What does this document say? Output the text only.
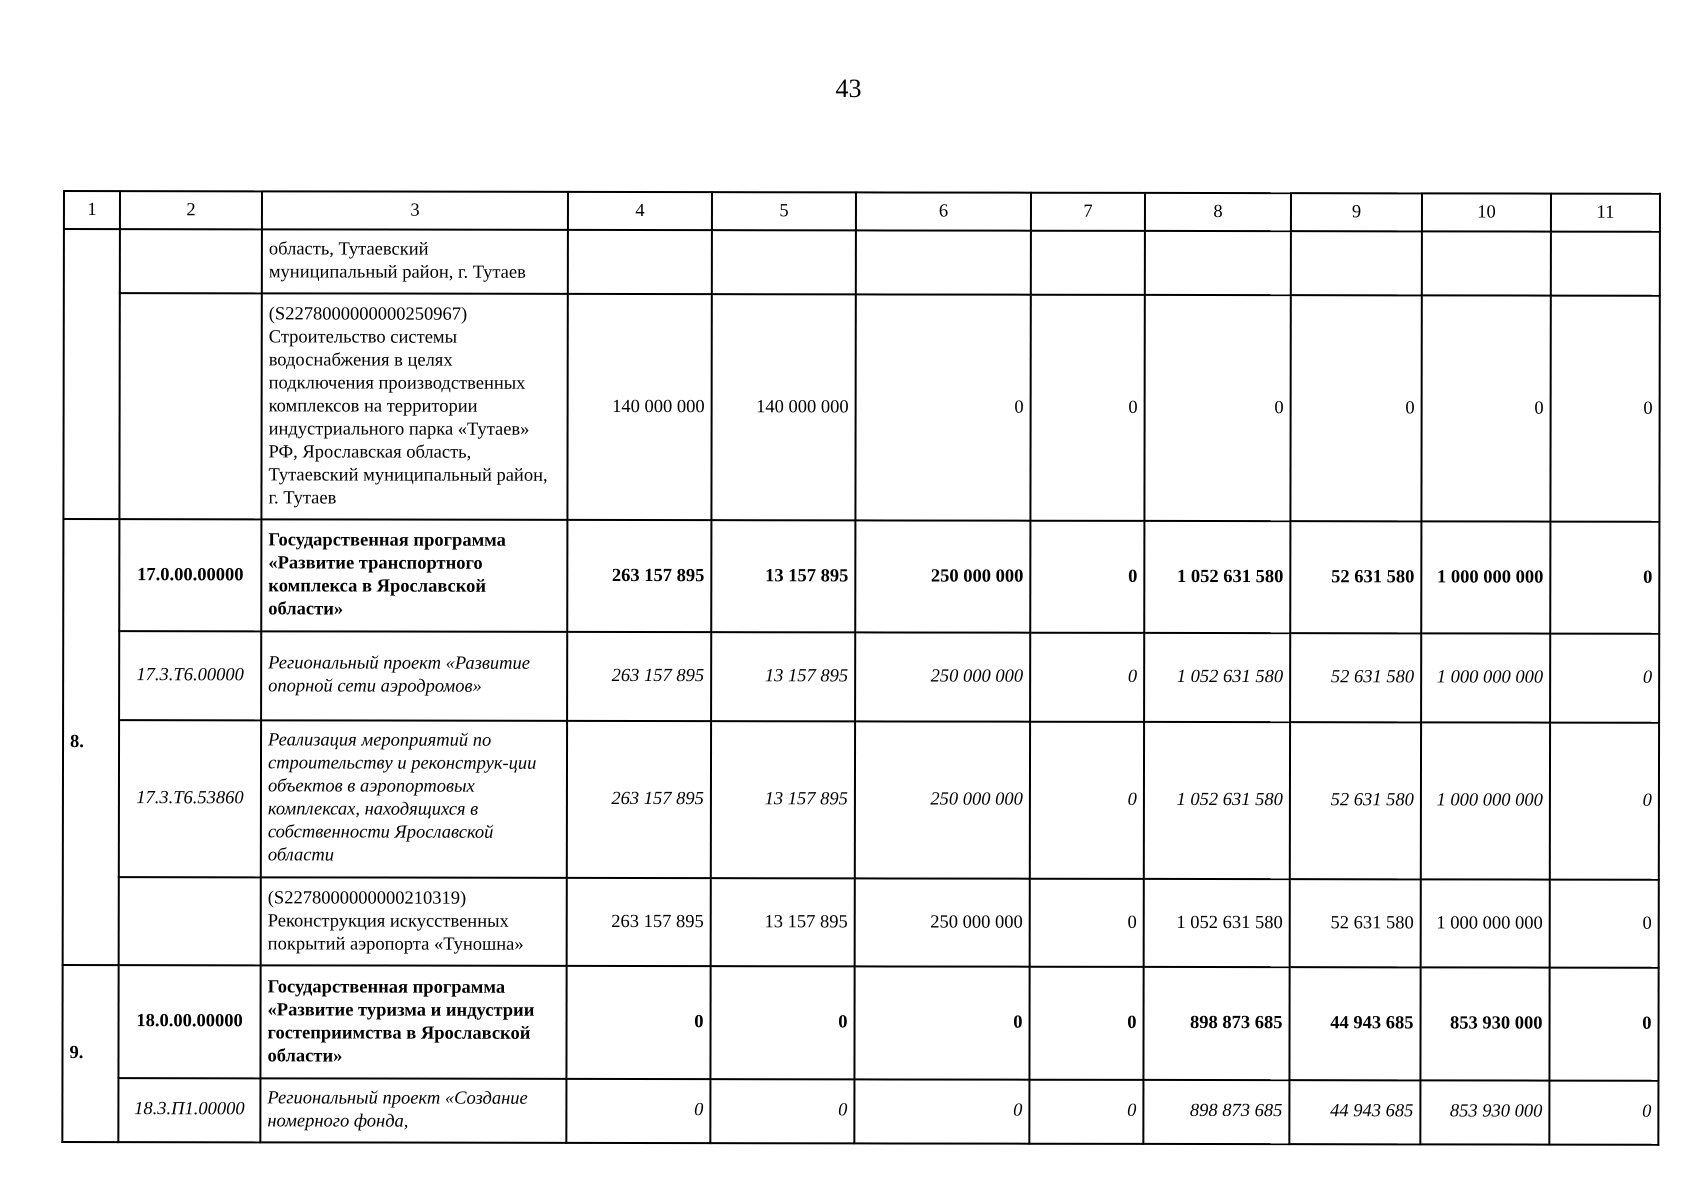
43
1	2	3	4	5	6	7	8	9	10	11
		область, Тутаевский муниципальный район, г. Тутаев								
		(S2278000000000250967) Строительство системы водоснабжения в целях подключения производственных комплексов на территории индустриального парка «Тутаев» РФ, Ярославская область, Тутаевский муниципальный район, г. Тутаев	140 000 000	140 000 000	0	0	0	0	0	0
8.	17.0.00.00000	Государственная программа «Развитие транспортного комплекса в Ярославской области»	263 157 895	13 157 895	250 000 000	0	1 052 631 580	52 631 580	1 000 000 000	0
	17.3.Т6.00000	Региональный проект «Развитие опорной сети аэродромов»	263 157 895	13 157 895	250 000 000	0	1 052 631 580	52 631 580	1 000 000 000	0
	17.3.Т6.53860	Реализация мероприятий по строительству и реконструк-ции объектов в аэропортовых комплексах, находящихся в собственности Ярославской области	263 157 895	13 157 895	250 000 000	0	1 052 631 580	52 631 580	1 000 000 000	0
		(S2278000000000210319) Реконструкция искусственных покрытий аэропорта «Туношна»	263 157 895	13 157 895	250 000 000	0	1 052 631 580	52 631 580	1 000 000 000	0
9.	18.0.00.00000	Государственная программа «Развитие туризма и индустрии гостеприимства в Ярославской области»	0	0	0	0	898 873 685	44 943 685	853 930 000	0
	18.3.П1.00000	Региональный проект «Создание номерного фонда,	0	0	0	0	898 873 685	44 943 685	853 930 000	0
